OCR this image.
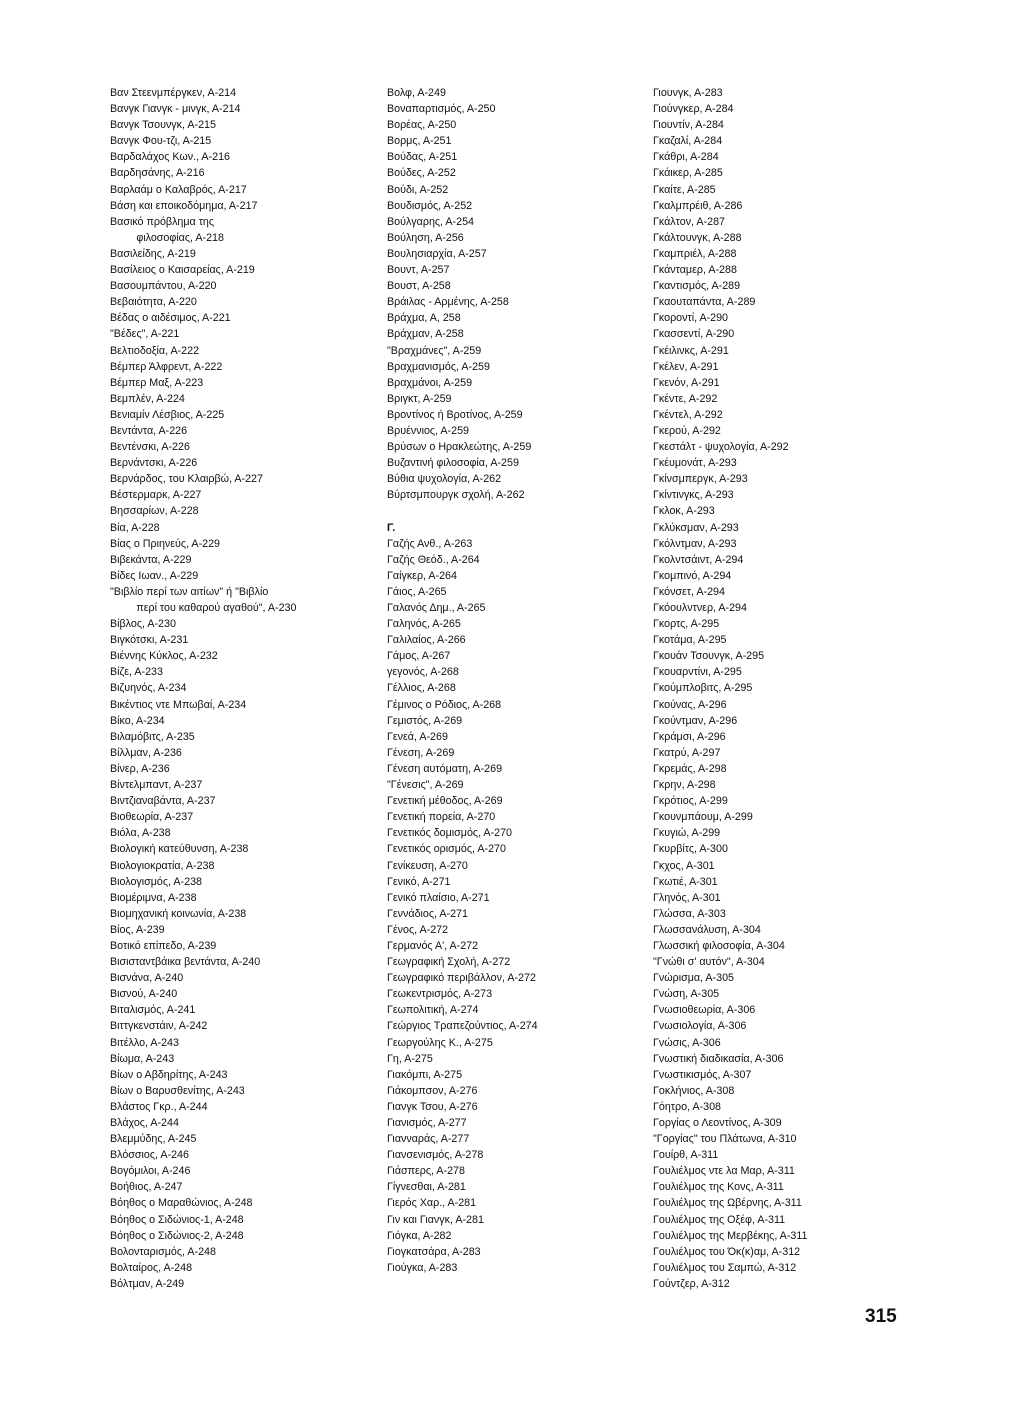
Βαν Στεενμπέργκεν, Α-214
Βανγκ Γιανγκ - μινγκ, Α-214
Βανγκ Τσουνγκ, Α-215
Βανγκ Φου-τζι, Α-215
Βαρδαλάχος Κων., Α-216
Βαρδησάνης, Α-216
Βαρλαάμ ο Καλαβρός, Α-217
Βάση και εποικοδόμημα, Α-217
Βασικό πρόβλημα της
φιλοσοφίας, Α-218
Βασιλείδης, Α-219
Βασίλειος ο Καισαρείας, Α-219
Βασουμπάντου, Α-220
Βεβαιότητα, Α-220
Βέδας ο αιδέσιμος, Α-221
"Βέδες", Α-221
Βελτιοδοξία, Α-222
Βέμπερ Άλφρεντ, Α-222
Βέμπερ Μαξ, Α-223
Βεμπλέν, Α-224
Βενιαμίν Λέσβιος, Α-225
Βεντάντα, Α-226
Βεντένσκι, Α-226
Βερνάντσκι, Α-226
Βερνάρδος, του Κλαιρβώ, Α-227
Βέστερμαρκ, Α-227
Βησσαρίων, Α-228
Βία, Α-228
Βίας ο Πριηνεύς, Α-229
Βιβεκάντα, Α-229
Βίδες Ιωαν., Α-229
"Βιβλίο περί των αιτίων" ή "Βιβλίο
περί του καθαρού αγαθού", Α-230
Βίβλος, Α-230
Βιγκότσκι, Α-231
Βιέννης Κύκλος, Α-232
Βίζε, Α-233
Βιζυηνός, Α-234
Βικέντιος ντε Μπωβαί, Α-234
Βίκο, Α-234
Βιλαμόβιτς, Α-235
Βίλλμαν, Α-236
Βίνερ, Α-236
Βίντελμπαντ, Α-237
Βιντζιαναβάντα, Α-237
Βιοθεωρία, Α-237
Βιόλα, Α-238
Βιολογική κατεύθυνση, Α-238
Βιολογιοκρατία, Α-238
Βιολογισμός, Α-238
Βιομέριμνα, Α-238
Βιομηχανική κοινωνία, Α-238
Βίος, Α-239
Βοτικό επίπεδο, Α-239
Βισισταντβάικα βεντάντα, Α-240
Βισνάνα, Α-240
Βισνού, Α-240
Βιταλισμός, Α-241
Βιττγκενστάιν, Α-242
Βιτέλλο, Α-243
Βίωμα, Α-243
Βίων ο Αβδηρίτης, Α-243
Βίων ο Βαρυσθενίτης, Α-243
Βλάστος Γκρ., Α-244
Βλάχος, Α-244
Βλεμμύδης, Α-245
Βλόσσιος, Α-246
Βογόμιλοι, Α-246
Βοήθιος, Α-247
Βόηθος ο Μαραθώνιος, Α-248
Βόηθος ο Σιδώνιος-1, Α-248
Βόηθος ο Σιδώνιος-2, Α-248
Βολονταρισμός, Α-248
Βολταίρος, Α-248
Βόλτμαν, Α-249
Βολφ, Α-249
Βοναπαρτισμός, Α-250
Βορέας, Α-250
Βορμς, Α-251
Βούδας, Α-251
Βούδες, Α-252
Βούδι, Α-252
Βουδισμός, Α-252
Βούλγαρης, Α-254
Βούληση, Α-256
Βουλησιαρχία, Α-257
Βουντ, Α-257
Βουστ, Α-258
Βράιλας - Αρμένης, Α-258
Βράχμα, Α, 258
Βράχμαν, Α-258
"Βραχμάνες", Α-259
Βραχμανισμός, Α-259
Βραχμάνοι, Α-259
Βριγκτ, Α-259
Βροντίνος ή Βροτίνος, Α-259
Βρυέννιος, Α-259
Βρύσων ο Ηρακλεώτης, Α-259
Βυζαντινή φιλοσοφία, Α-259
Βύθια ψυχολογία, Α-262
Βύρτσμπουργκ σχολή, Α-262
Γ.
Γαζής Ανθ., Α-263
Γαζής Θεόδ., Α-264
Γαίγκερ, Α-264
Γάιος, Α-265
Γαλανός Δημ., Α-265
Γαληνός, Α-265
Γαλιλαίος, Α-266
Γάμος, Α-267
γεγονός, Α-268
Γέλλιος, Α-268
Γέμινος ο Ρόδιος, Α-268
Γεμιστός, Α-269
Γενεά, Α-269
Γένεση, Α-269
Γένεση αυτόματη, Α-269
"Γένεσις", Α-269
Γενετική μέθοδος, Α-269
Γενετική πορεία, Α-270
Γενετικός δομισμός, Α-270
Γενετικός ορισμός, Α-270
Γενίκευση, Α-270
Γενικό, Α-271
Γενικό πλαίσιο, Α-271
Γεννάδιος, Α-271
Γένος, Α-272
Γερμανός Α', Α-272
Γεωγραφική Σχολή, Α-272
Γεωγραφικό περιβάλλον, Α-272
Γεωκεντρισμός, Α-273
Γεωπολιτική, Α-274
Γεώργιος Τραπεζούντιος, Α-274
Γεωργούλης Κ., Α-275
Γη, Α-275
Γιακόμπι, Α-275
Γιάκομπσον, Α-276
Γιανγκ Τσου, Α-276
Γιανισμός, Α-277
Γιανναράς, Α-277
Γιανσενισμός, Α-278
Γιάσπερς, Α-278
Γίγνεσθαι, Α-281
Γιερός Χαρ., Α-281
Γιν και Γιανγκ, Α-281
Γιόγκα, Α-282
Γιογκατσάρα, Α-283
Γιούγκα, Α-283
Γιουνγκ, Α-283
Γιούνγκερ, Α-284
Γιουντίν, Α-284
Γκαζαλί, Α-284
Γκάθρι, Α-284
Γκάικερ, Α-285
Γκαίτε, Α-285
Γκαλμπρέιθ, Α-286
Γκάλτον, Α-287
Γκάλτουνγκ, Α-288
Γκαμπριέλ, Α-288
Γκάνταμερ, Α-288
Γκαντισμός, Α-289
Γκαουταπάντα, Α-289
Γκοροντί, Α-290
Γκασσεντί, Α-290
Γκέιλινκς, Α-291
Γκέλεν, Α-291
Γκενόν, Α-291
Γκέντε, Α-292
Γκέντελ, Α-292
Γκερού, Α-292
Γκεστάλτ - ψυχολογία, Α-292
Γκέυμονάτ, Α-293
Γκίνσμπεργκ, Α-293
Γκίντινγκς, Α-293
Γκλοκ, Α-293
Γκλύκσμαν, Α-293
Γκόλντμαν, Α-293
Γκολντσάιντ, Α-294
Γκομπινό, Α-294
Γκόνσετ, Α-294
Γκόουλντνερ, Α-294
Γκορτς, Α-295
Γκοτάμα, Α-295
Γκουάν Τσουνγκ, Α-295
Γκουαρντίνι, Α-295
Γκούμπλοβιτς, Α-295
Γκούνας, Α-296
Γκούντμαν, Α-296
Γκράμσι, Α-296
Γκατρύ, Α-297
Γκρεμάς, Α-298
Γκρην, Α-298
Γκρότιος, Α-299
Γκουνμπάουμ, Α-299
Γκυγιώ, Α-299
Γκυρβίτς, Α-300
Γκχος, Α-301
Γκωτιέ, Α-301
Γληνός, Α-301
Γλώσσα, Α-303
Γλωσσανάλυση, Α-304
Γλωσσική φιλοσοφία, Α-304
"Γνώθι σ' αυτόν", Α-304
Γνώρισμα, Α-305
Γνώση, Α-305
Γνωσιοθεωρία, Α-306
Γνωσιολογία, Α-306
Γνώσις, Α-306
Γνωστική διαδικασία, Α-306
Γνωστικισμός, Α-307
Γοκλήνιος, Α-308
Γόητρο, Α-308
Γοργίας ο Λεοντίνος, Α-309
"Γοργίας" του Πλάτωνα, Α-310
Γουίρθ, Α-311
Γουλιέλμος ντε λα Μαρ, Α-311
Γουλιέλμος της Κονς, Α-311
Γουλιέλμος της Ωβέρνης, Α-311
Γουλιέλμος της Οξέφ, Α-311
Γουλιέλμος της Μερβέκης, Α-311
Γουλιέλμος του Όκ(κ)αμ, Α-312
Γουλιέλμος του Σαμπώ, Α-312
Γούντζερ, Α-312
315
